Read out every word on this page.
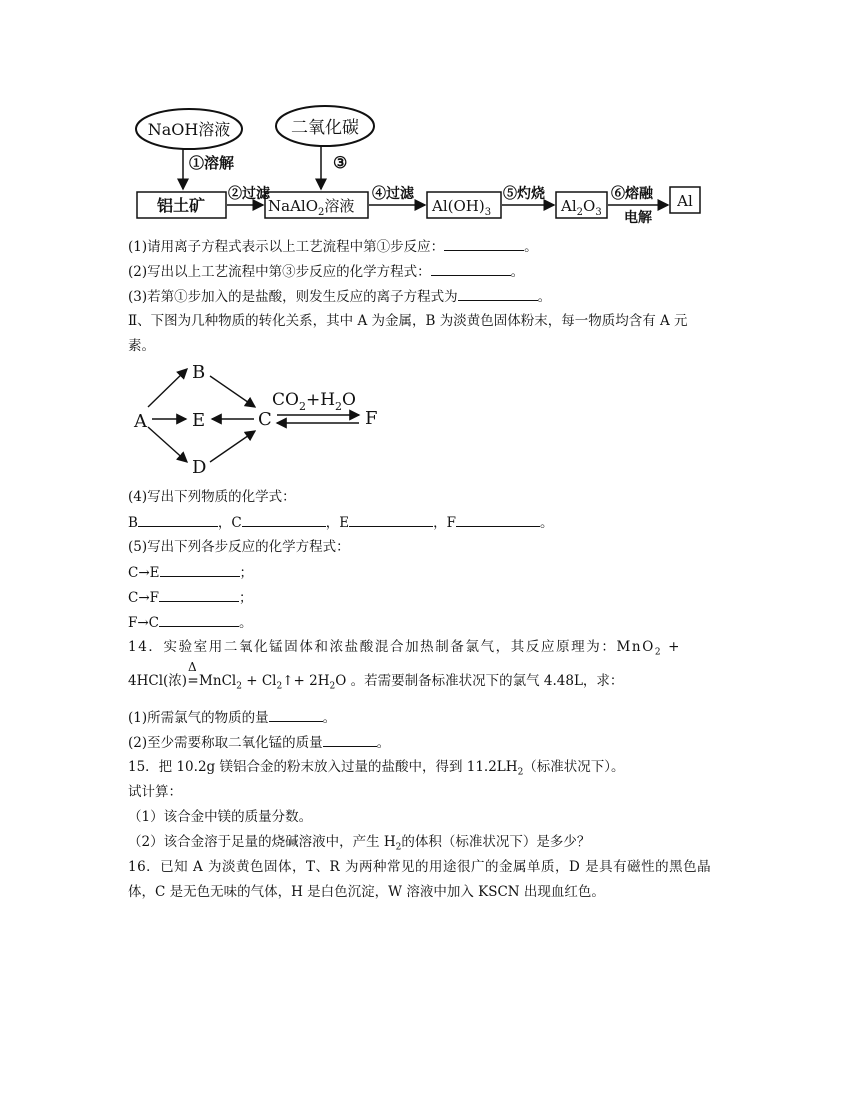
NaOH溶液	二氧化碳
①溶解	③
铝土矿
②过滤
NaAlO$_2$溶液
④过滤
$Al(OH)_3$
⑤灼烧
$Al_2O_3$
⑥熔融
电解
Al
(1)请用离子方程式表示以上工艺流程中第①步反应：	。
(2)写出以上工艺流程中第③步反应的化学方程式：	。
(3)若第①步加入的是盐酸，则发生反应的离子方程式为	。
Ⅱ、下图为几种物质的转化关系，其中 A 为金属，B 为淡黄色固体粉末，每一物质均含有 A 元
素。
A
B
C
D
E	F
$CO_2+H_2O$
(4)写出下列物质的化学式：
B	，C	，E	，F	。
(5)写出下列各步反应的化学方程式：
C→E	；
C→F	；
F→C	。
14．实验室用二氧化锰固体和浓盐酸混合加热制备氯气，其反应原理为：MnO$_2$ +
4HCl(浓)
Δ
=MnCl$_2$ + $Cl_2↑+ 2H_2O$ 。若需要制备标准状况下的氯气 4.48L，求：
(1)所需氯气的物质的量	。
(2)至少需要称取二氧化锰的质量	。
15．把 10.2g 镁铝合金的粉末放入过量的盐酸中，得到 $11.2LH_2$（标准状况下）。
试计算：
（1）该合金中镁的质量分数。
（2）该合金溶于足量的烧碱溶液中，产生 $H_2$的体积（标准状况下）是多少？
16．已知 A 为淡黄色固体，T、R 为两种常见的用途很广的金属单质，D 是具有磁性的黑色晶
体，C 是无色无味的气体，H 是白色沉淀，W 溶液中加入 KSCN 出现血红色。
